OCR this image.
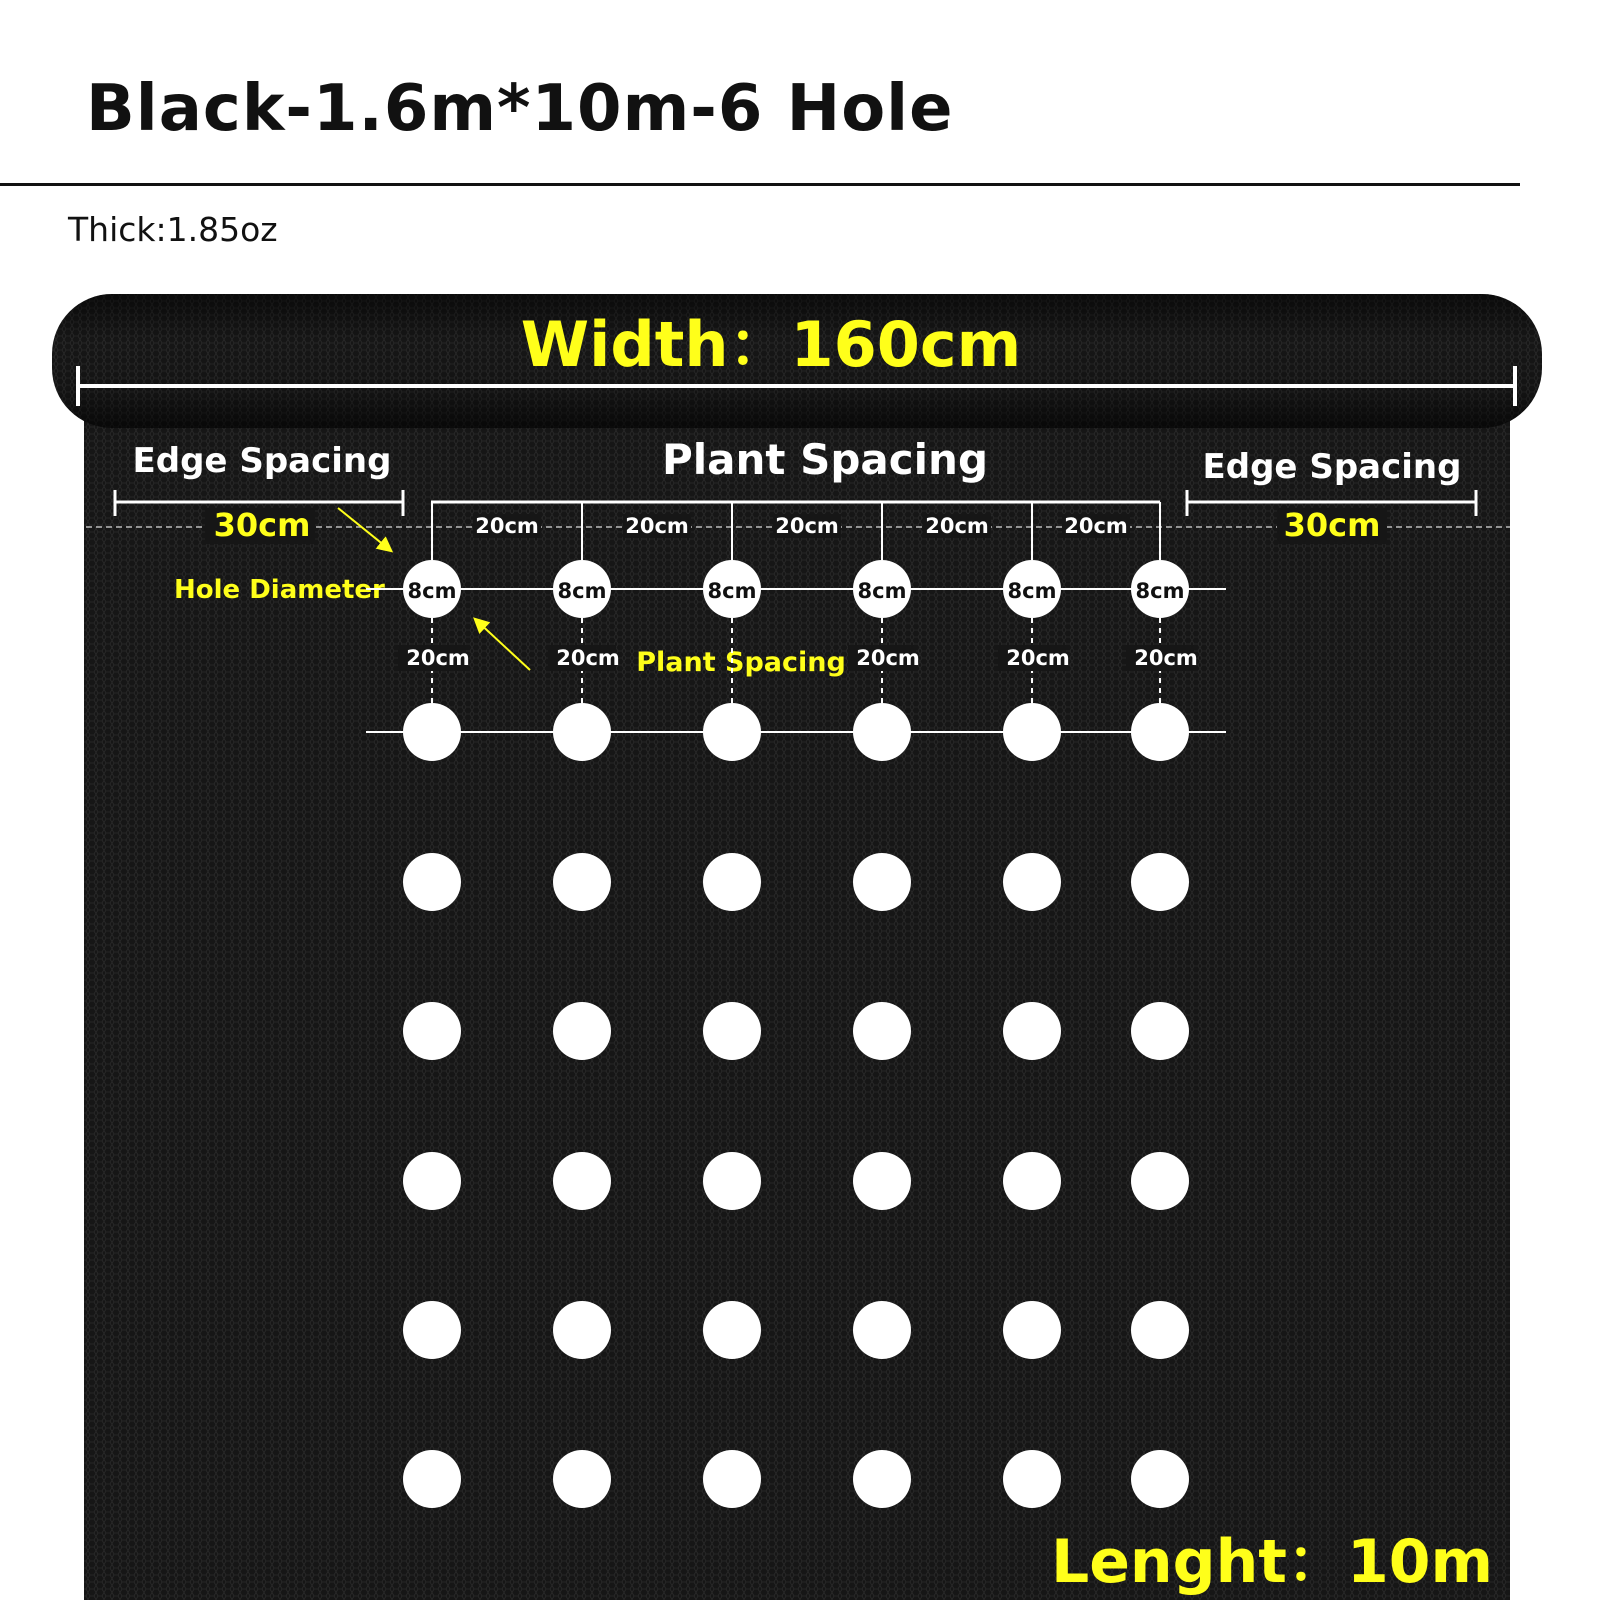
Black-1.6m*10m-6 Hole
Thick:1.85oz
Width：160cm
Edge Spacing
30cm
Edge Spacing
30cm
Plant Spacing
Hole Diameter
Plant Spacing
8cm	8cm	8cm	8cm	8cm	8cm
20cm	20cm	20cm	20cm	20cm
20cm	20cm	20cm	20cm	20cm
Lenght：10m
